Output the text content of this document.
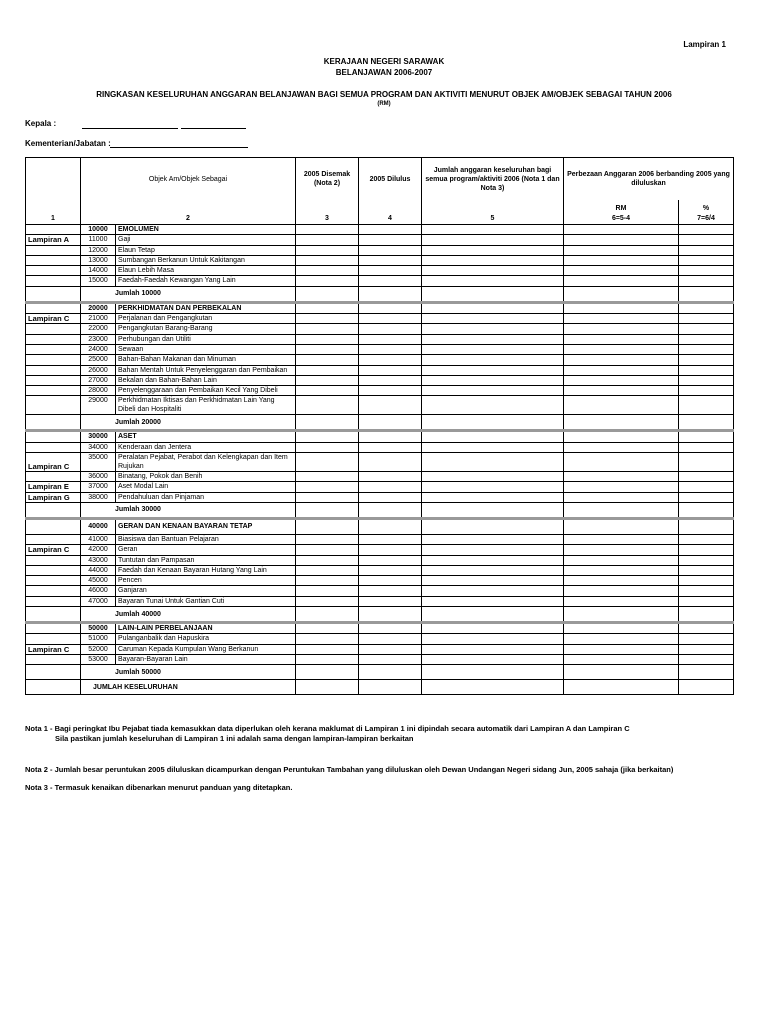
Lampiran 1
KERAJAAN NEGERI SARAWAK
BELANJAWAN 2006-2007
RINGKASAN KESELURUHAN ANGGARAN BELANJAWAN BAGI SEMUA PROGRAM DAN AKTIVITI MENURUT OBJEK AM/OBJEK SEBAGAI TAHUN 2006
(RM)
Kepala :
Kementerian/Jabatan :
	Objek Am/Objek Sebagai		2005 Disemak (Nota 2)	2005 Dilulus	Jumlah anggaran keseluruhan bagi semua program/aktiviti 2006 (Nota 1 dan Nota 3)	Perbezaan Anggaran 2006 berbanding 2005 yang diluluskan	
						RM	%
1	2		3	4	5	6=5-4	7=6/4
	10000	EMOLUMEN					
Lampiran A	11000	Gaji					
	12000	Elaun Tetap					
	13000	Sumbangan Berkanun Untuk Kakitangan					
	14000	Elaun Lebih Masa					
	15000	Faedah-Faedah Kewangan Yang Lain					
	Jumlah 10000						
	20000	PERKHIDMATAN DAN PERBEKALAN					
Lampiran C	21000	Perjalanan dan Pengangkutan					
	22000	Pengangkutan Barang-Barang					
	23000	Perhubungan dan Utiliti					
	24000	Sewaan					
	25000	Bahan-Bahan Makanan dan Minuman					
	26000	Bahan Mentah Untuk Penyelenggaran dan Pembaikan					
	27000	Bekalan dan Bahan-Bahan Lain					
	28000	Penyelenggaraan dan Pembaikan Kecil Yang Dibeli					
	29000	Perkhidmatan Iktisas dan Perkhidmatan Lain Yang Dibeli dan Hospitaliti					
	Jumlah 20000						
	30000	ASET					
	34000	Kenderaan dan Jentera					
Lampiran C	35000	Peralatan Pejabat, Perabot dan Kelengkapan dan Item Rujukan					
	36000	Binatang, Pokok dan Benih					
Lampiran E	37000	Aset Modal Lain					
Lampiran G	38000	Pendahuluan dan Pinjaman					
	Jumlah 30000						
	40000	GERAN DAN KENAAN BAYARAN TETAP					
	41000	Biasiswa dan Bantuan Pelajaran					
Lampiran C	42000	Geran					
	43000	Tuntutan dan Pampasan					
	44000	Faedah dan Kenaan Bayaran Hutang Yang Lain					
	45000	Pencen					
	46000	Ganjaran					
	47000	Bayaran Tunai Untuk Gantian Cuti					
	Jumlah 40000						
	50000	LAIN-LAIN PERBELANJAAN					
	51000	Pulanganbalik dan Hapuskira					
Lampiran C	52000	Caruman Kepada Kumpulan Wang Berkanun					
	53000	Bayaran-Bayaran Lain					
	Jumlah 50000						
	JUMLAH KESELURUHAN						
Nota 1 - Bagi peringkat Ibu Pejabat tiada kemasukkan data diperlukan oleh kerana maklumat di Lampiran 1 ini dipindah secara automatik dari Lampiran A dan Lampiran C
Sila pastikan jumlah keseluruhan di Lampiran 1 ini adalah sama dengan lampiran-lampiran berkaitan
Nota 2 - Jumlah besar peruntukan 2005 diluluskan dicampurkan dengan Peruntukan Tambahan yang diluluskan oleh Dewan Undangan Negeri sidang Jun, 2005 sahaja (jika berkaitan)
Nota 3 - Termasuk kenaikan dibenarkan menurut panduan yang ditetapkan.
